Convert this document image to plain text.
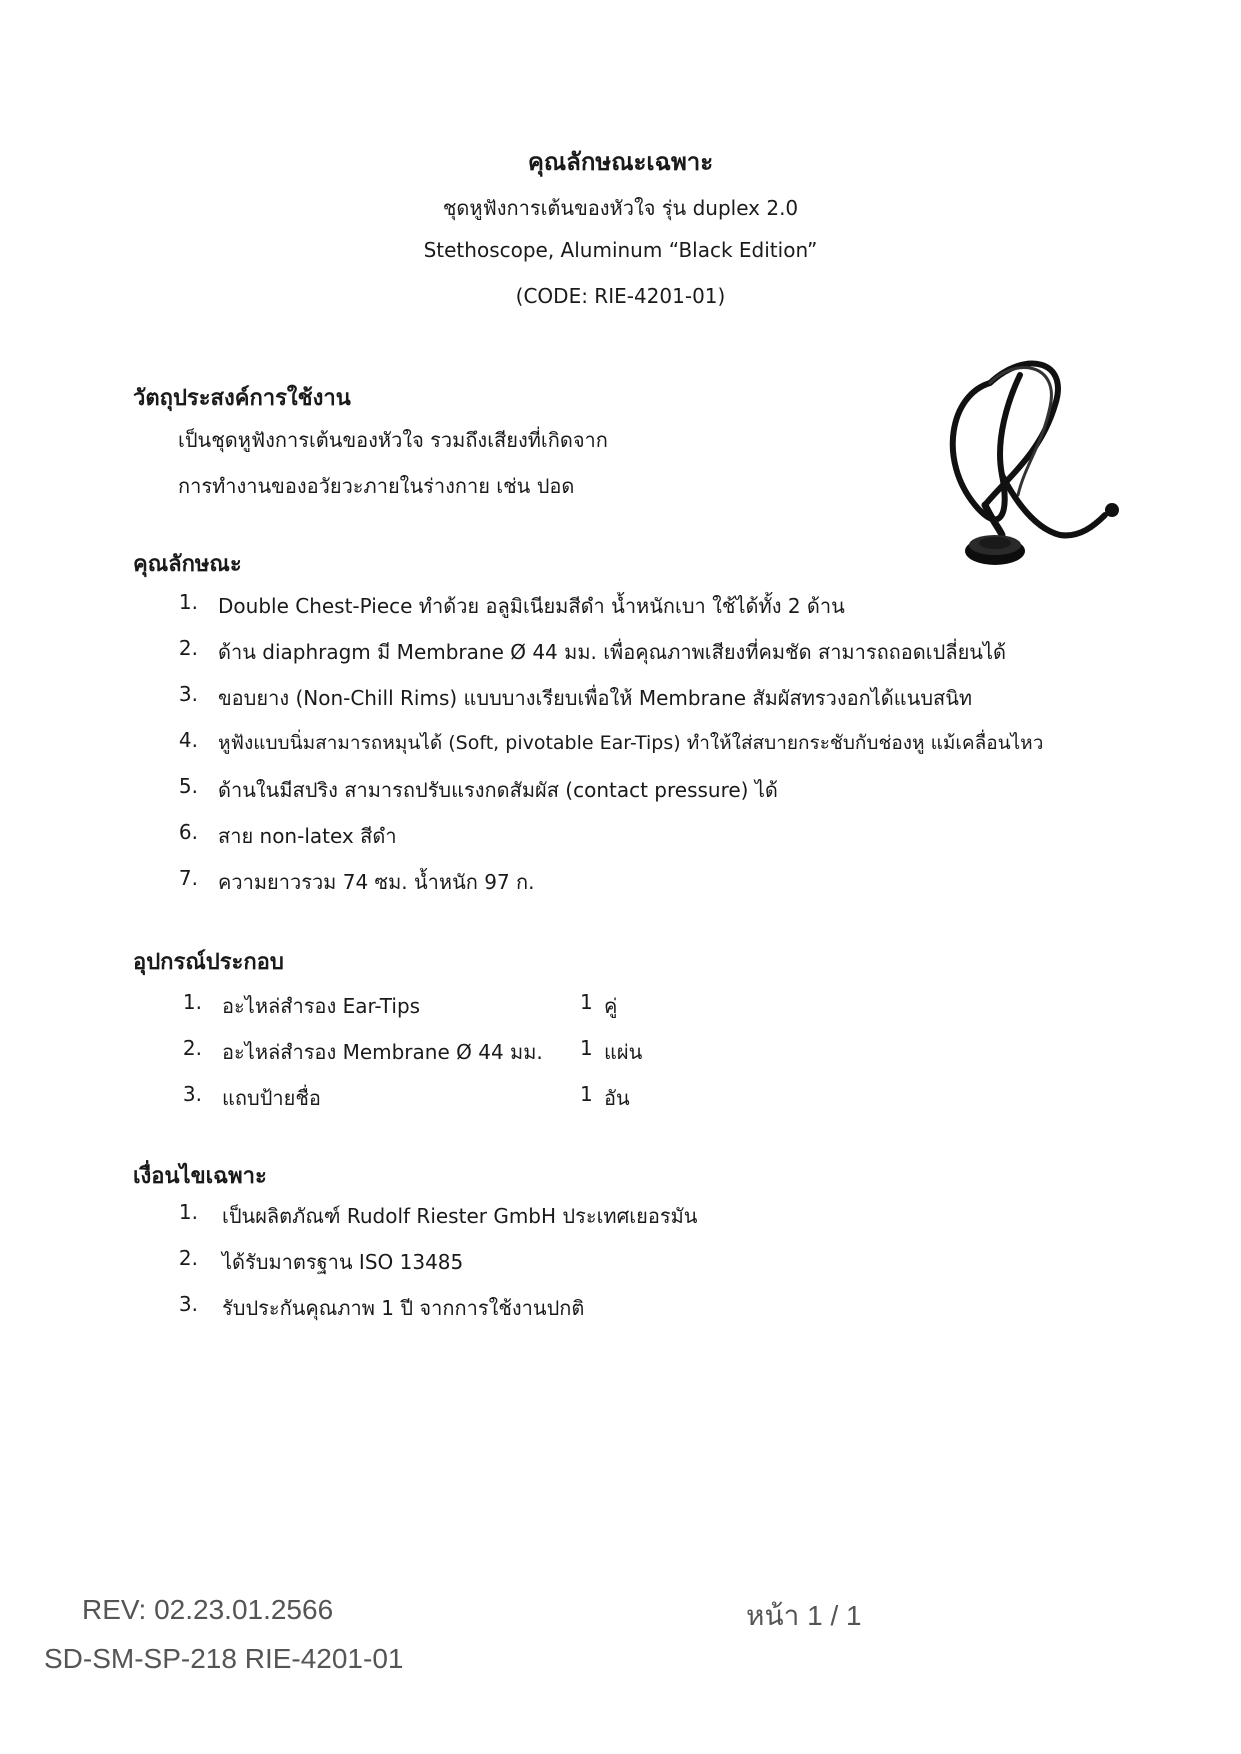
คุณลักษณะเฉพาะ
ชุดหูฟังการเต้นของหัวใจ รุ่น duplex 2.0
Stethoscope, Aluminum “Black Edition”
(CODE: RIE-4201-01)
วัตถุประสงค์การใช้งาน
เป็นชุดหูฟังการเต้นของหัวใจ รวมถึงเสียงที่เกิดจาก
การทำงานของอวัยวะภายในร่างกาย เช่น ปอด
คุณลักษณะ
1. Double Chest-Piece ทำด้วย อลูมิเนียมสีดำ น้ำหนักเบา ใช้ได้ทั้ง 2 ด้าน
2. ด้าน diaphragm มี Membrane Ø 44 มม. เพื่อคุณภาพเสียงที่คมชัด สามารถถอดเปลี่ยนได้
3. ขอบยาง (Non-Chill Rims) แบบบางเรียบเพื่อให้ Membrane สัมผัสทรวงอกได้แนบสนิท
4. หูฟังแบบนิ่มสามารถหมุนได้ (Soft, pivotable Ear-Tips) ทำให้ใส่สบายกระชับกับช่องหู แม้เคลื่อนไหว
5. ด้านในมีสปริง สามารถปรับแรงกดสัมผัส (contact pressure) ได้
6. สาย non-latex สีดำ
7. ความยาวรวม 74 ซม. น้ำหนัก 97 ก.
อุปกรณ์ประกอบ
1. อะไหล่สำรอง Ear-Tips	1 คู่
2. อะไหล่สำรอง Membrane Ø 44 มม. 1 แผ่น
3. แถบป้ายชื่อ	1 อัน
เงื่อนไขเฉพาะ
1. เป็นผลิตภัณฑ์ Rudolf Riester GmbH ประเทศเยอรมัน
2. ได้รับมาตรฐาน ISO 13485
3. รับประกันคุณภาพ 1 ปี จากการใช้งานปกติ
REV: 02.23.01.2566	หน้า 1 / 1
SD-SM-SP-218 RIE-4201-01
